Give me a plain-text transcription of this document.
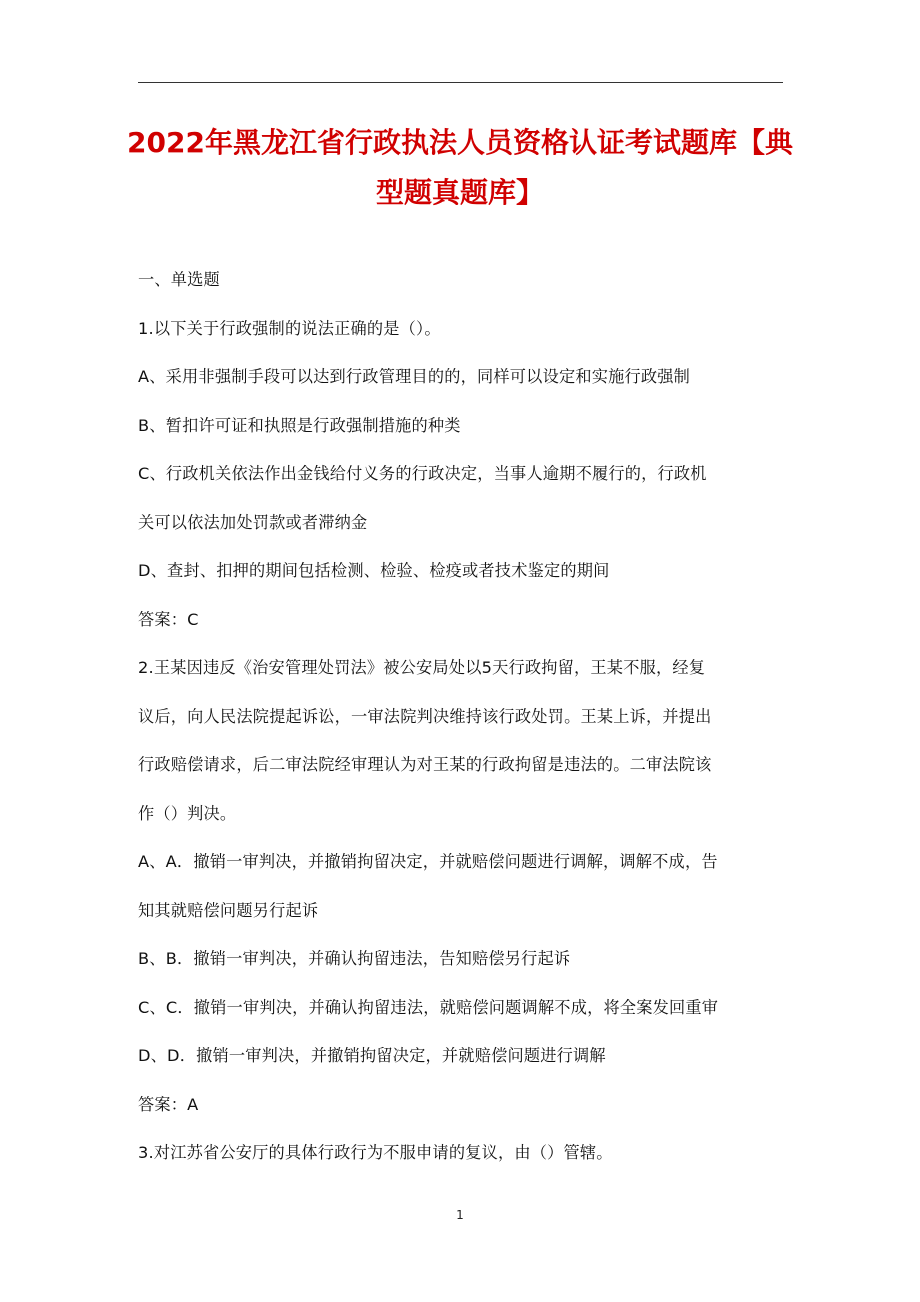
2022年黑龙江省行政执法人员资格认证考试题库【典
型题真题库】

一、单选题

1.以下关于行政强制的说法正确的是（）。

A、采用非强制手段可以达到行政管理目的的，同样可以设定和实施行政强制

B、暂扣许可证和执照是行政强制措施的种类

C、行政机关依法作出金钱给付义务的行政决定，当事人逾期不履行的，行政机

关可以依法加处罚款或者滞纳金

D、查封、扣押的期间包括检测、检验、检疫或者技术鉴定的期间

答案：C

2.王某因违反《治安管理处罚法》被公安局处以5天行政拘留，王某不服，经复

议后，向人民法院提起诉讼，一审法院判决维持该行政处罚。王某上诉，并提出

行政赔偿请求，后二审法院经审理认为对王某的行政拘留是违法的。二审法院该

作（）判决。

A、A．撤销一审判决，并撤销拘留决定，并就赔偿问题进行调解，调解不成，告

知其就赔偿问题另行起诉

B、B．撤销一审判决，并确认拘留违法，告知赔偿另行起诉

C、C．撤销一审判决，并确认拘留违法，就赔偿问题调解不成，将全案发回重审

D、D．撤销一审判决，并撤销拘留决定，并就赔偿问题进行调解

答案：A

3.对江苏省公安厅的具体行政行为不服申请的复议，由（）管辖。

1
